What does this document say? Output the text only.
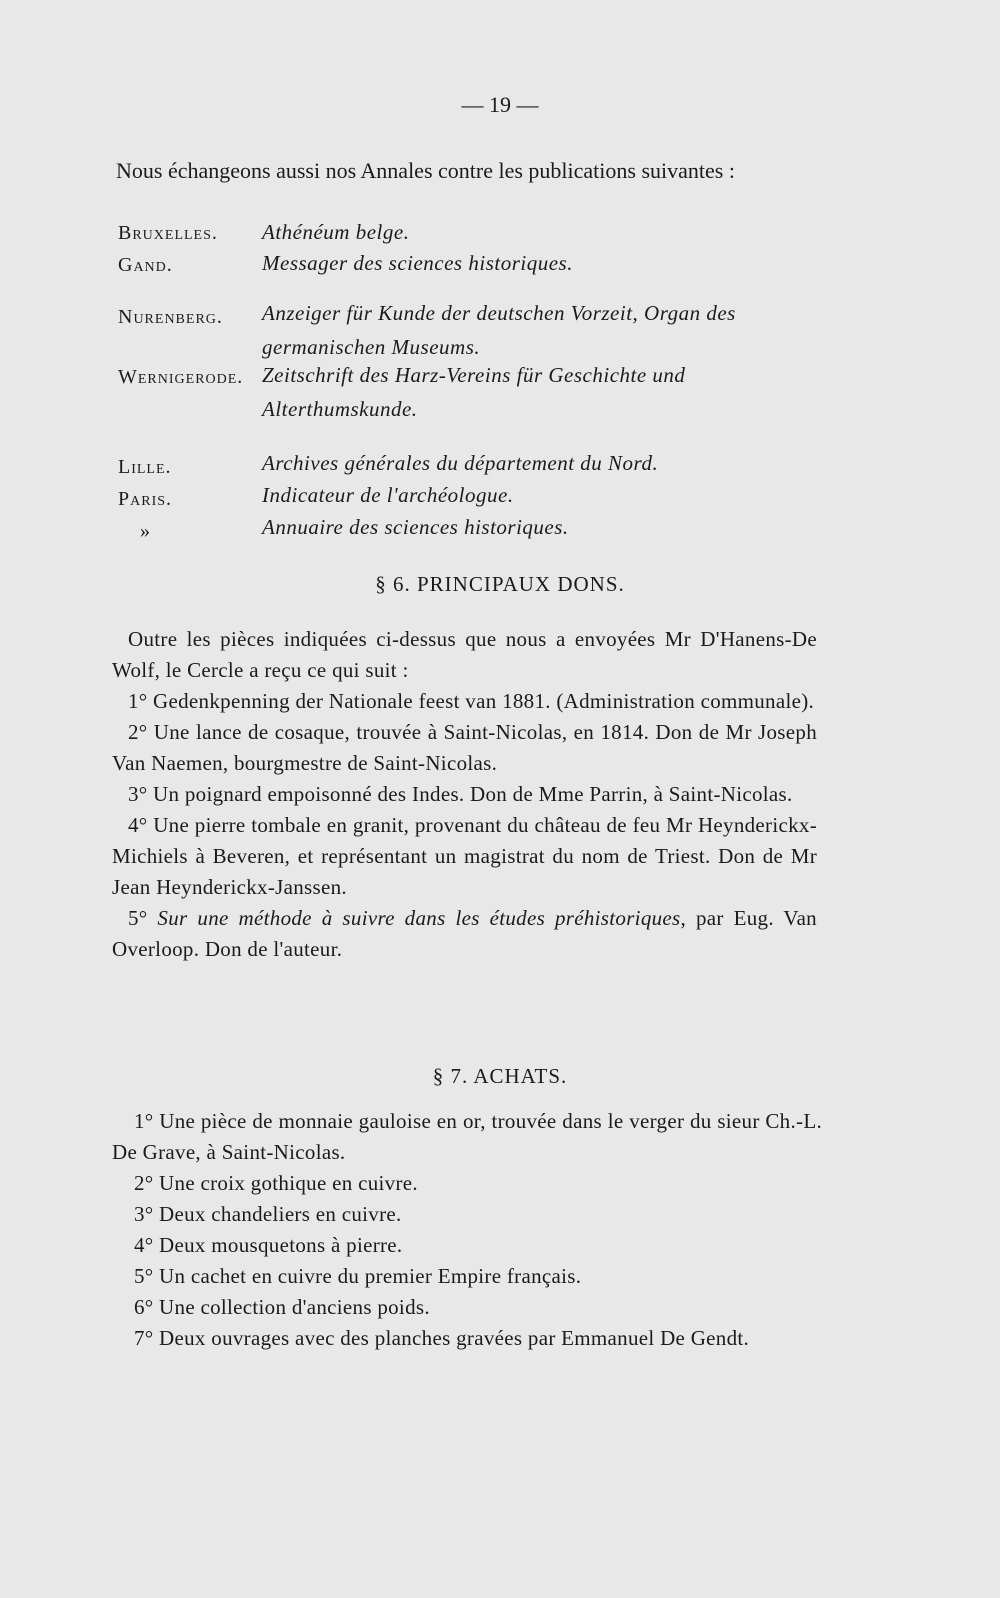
— 19 —
Nous échangeons aussi nos Annales contre les publications suivantes :
Bruxelles. Athénéum belge.
Gand.	Messager des sciences historiques.
Nurenberg. Anzeiger für Kunde der deutschen Vorzeit, Organ des germanischen Museums.
Wernigerode. Zeitschrift des Harz-Vereins für Geschichte und Alterthumskunde.
Lille.	Archives générales du département du Nord.
Paris.	Indicateur de l'archéologue.
»	Annuaire des sciences historiques.
§ 6. PRINCIPAUX DONS.

Outre les pièces indiquées ci-dessus que nous a envoyées Mr D'Hanens-De Wolf, le Cercle a reçu ce qui suit :

1° Gedenkpenning der Nationale feest van 1881. (Administration communale).

2° Une lance de cosaque, trouvée à Saint-Nicolas, en 1814. Don de Mr Joseph Van Naemen, bourgmestre de Saint-Nicolas.

3° Un poignard empoisonné des Indes. Don de Mme Parrin, à Saint-Nicolas.

4° Une pierre tombale en granit, provenant du château de feu Mr Heynderickx-Michiels à Beveren, et représentant un magistrat du nom de Triest. Don de Mr Jean Heynderickx-Janssen.

5° Sur une méthode à suivre dans les études préhistoriques, par Eug. Van Overloop. Don de l'auteur.

§ 7. ACHATS.

1° Une pièce de monnaie gauloise en or, trouvée dans le verger du sieur Ch.-L. De Grave, à Saint-Nicolas.

2° Une croix gothique en cuivre.

3° Deux chandeliers en cuivre.

4° Deux mousquetons à pierre.

5° Un cachet en cuivre du premier Empire français.

6° Une collection d'anciens poids.

7° Deux ouvrages avec des planches gravées par Emmanuel De Gendt.
